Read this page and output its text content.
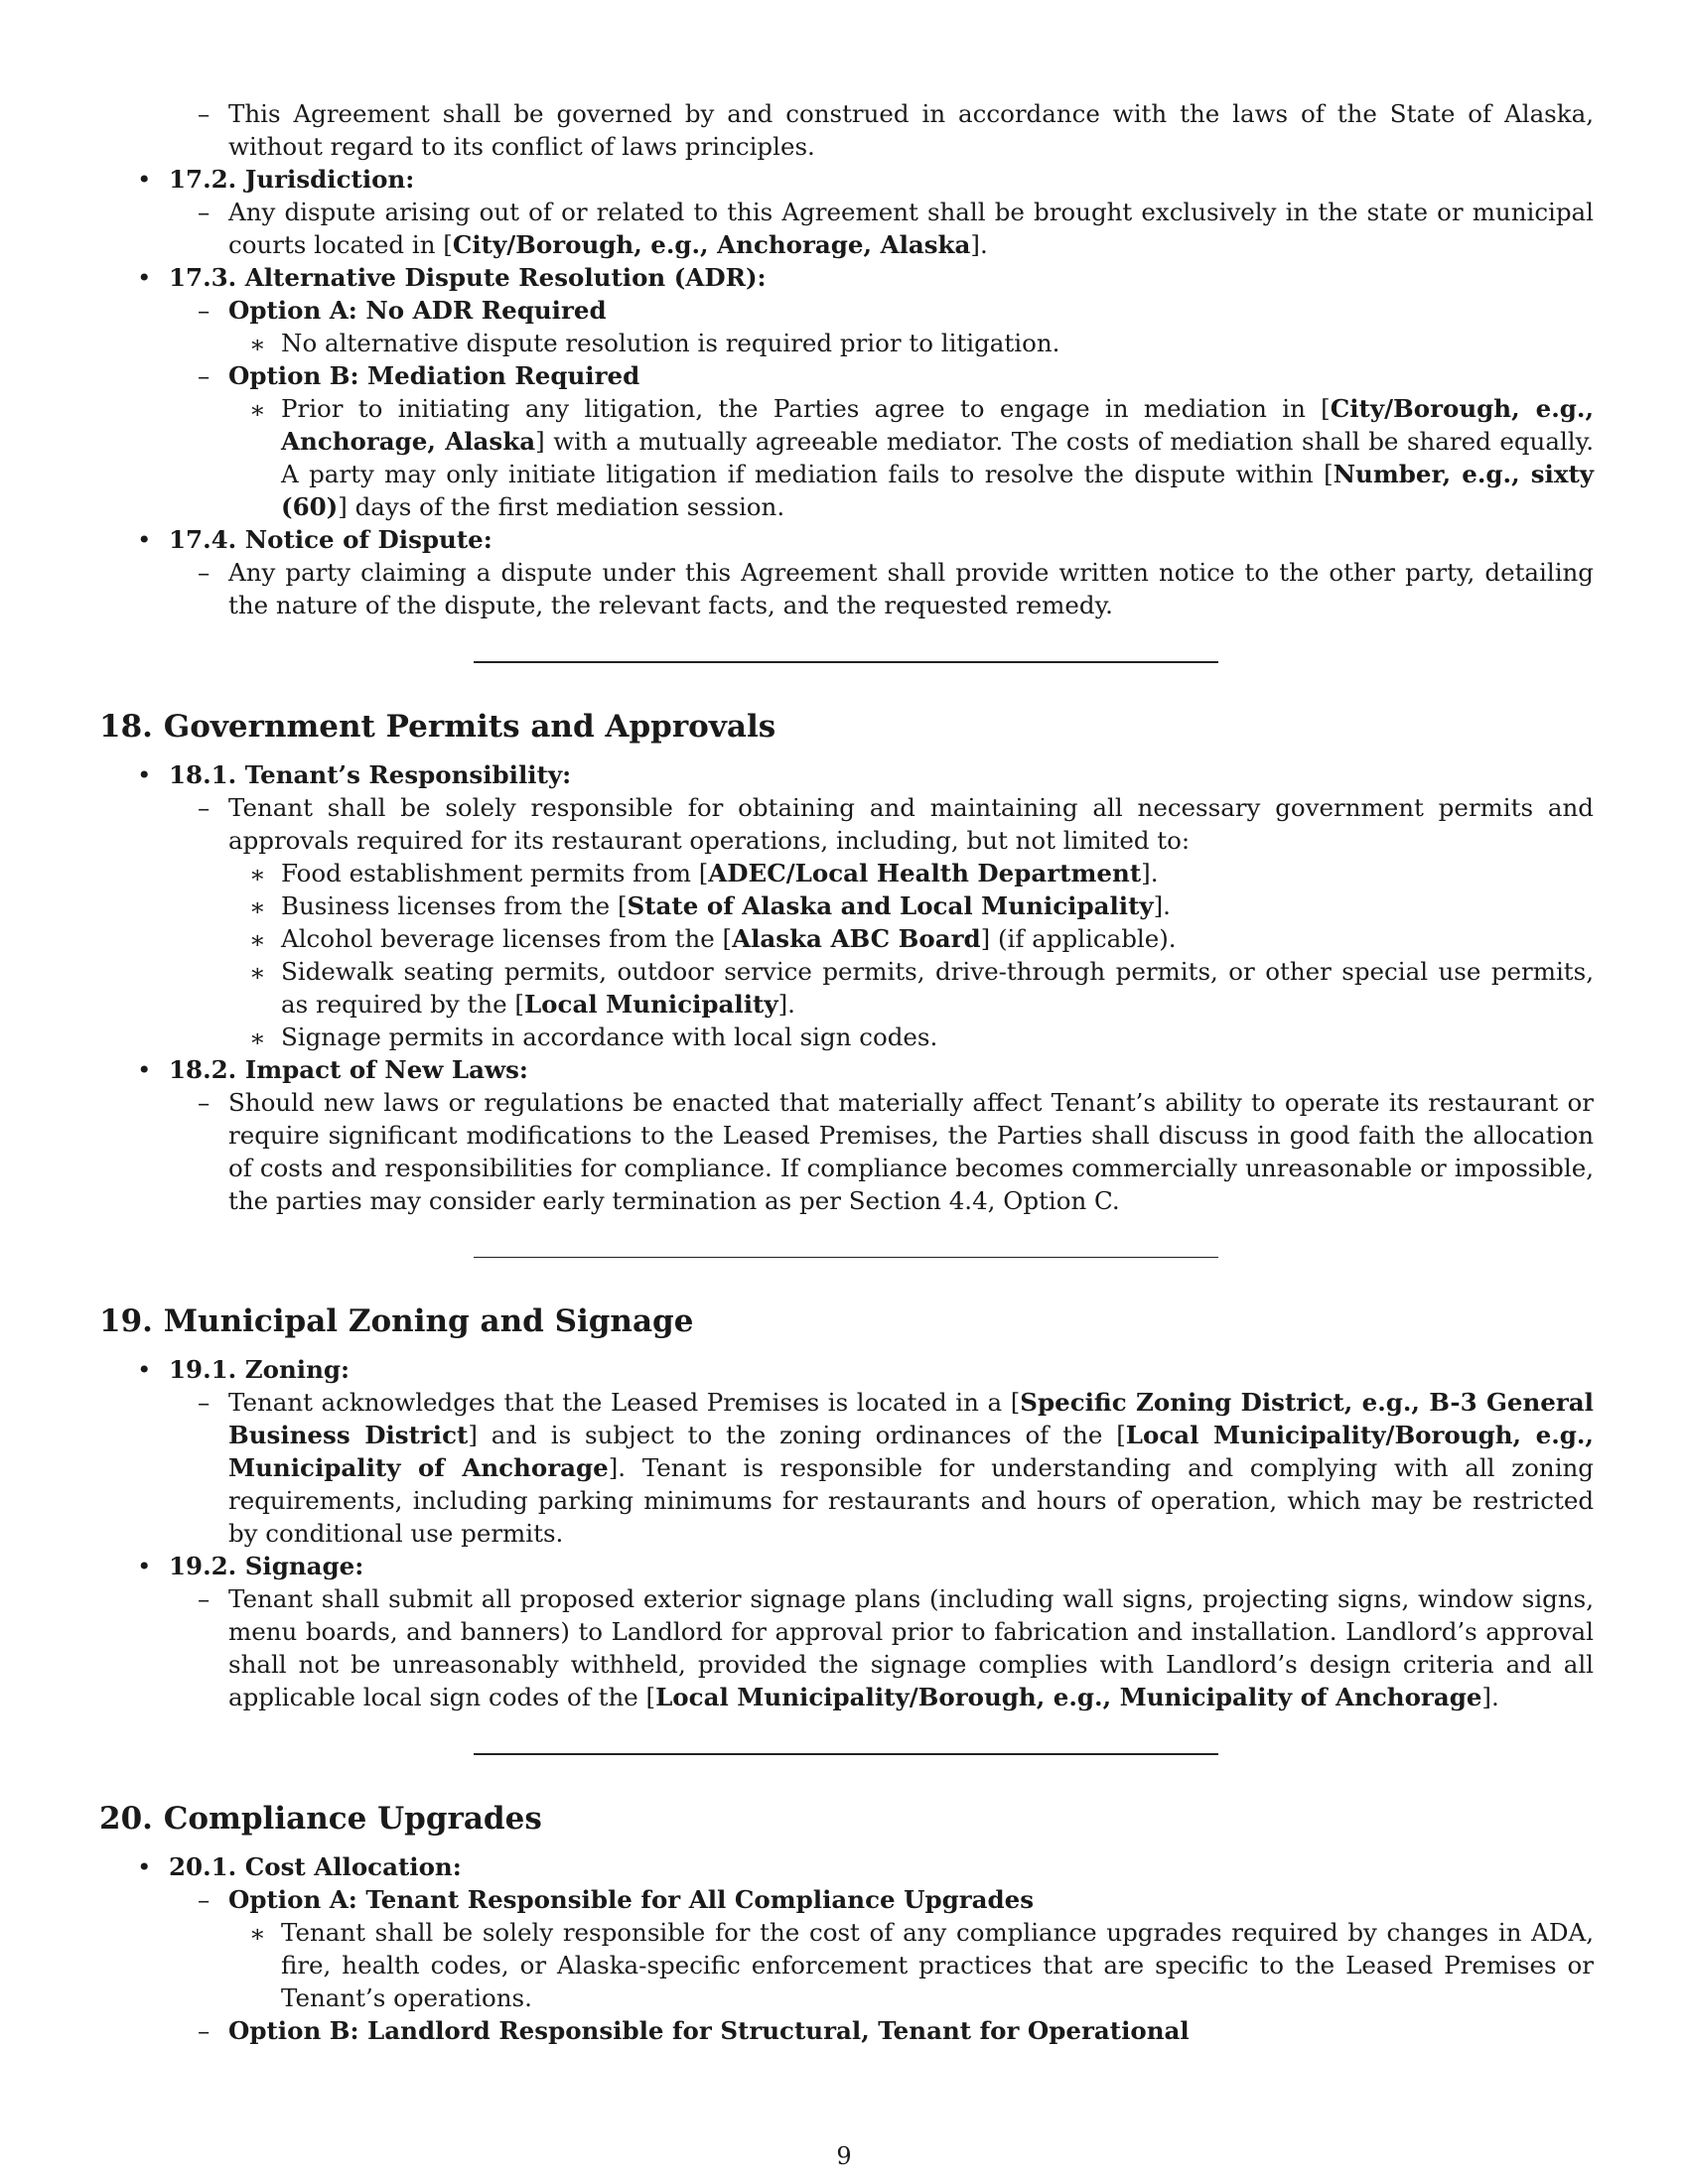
– This Agreement shall be governed by and construed in accordance with the laws of the State of Alaska, without regard to its conflict of laws principles.
• 17.2. Jurisdiction:
– Any dispute arising out of or related to this Agreement shall be brought exclusively in the state or municipal courts located in [City/Borough, e.g., Anchorage, Alaska].
• 17.3. Alternative Dispute Resolution (ADR):
– Option A: No ADR Required
∗ No alternative dispute resolution is required prior to litigation.
– Option B: Mediation Required
∗ Prior to initiating any litigation, the Parties agree to engage in mediation in [City/Borough, e.g., Anchorage, Alaska] with a mutually agreeable mediator. The costs of mediation shall be shared equally. A party may only initiate litigation if mediation fails to resolve the dispute within [Number, e.g., sixty (60)] days of the first mediation session.
• 17.4. Notice of Dispute:
– Any party claiming a dispute under this Agreement shall provide written notice to the other party, detailing the nature of the dispute, the relevant facts, and the requested remedy.
18. Government Permits and Approvals
• 18.1. Tenant’s Responsibility:
– Tenant shall be solely responsible for obtaining and maintaining all necessary government permits and approvals required for its restaurant operations, including, but not limited to:
∗ Food establishment permits from [ADEC/Local Health Department].
∗ Business licenses from the [State of Alaska and Local Municipality].
∗ Alcohol beverage licenses from the [Alaska ABC Board] (if applicable).
∗ Sidewalk seating permits, outdoor service permits, drive-through permits, or other special use permits, as required by the [Local Municipality].
∗ Signage permits in accordance with local sign codes.
• 18.2. Impact of New Laws:
– Should new laws or regulations be enacted that materially affect Tenant’s ability to operate its restaurant or require significant modifications to the Leased Premises, the Parties shall discuss in good faith the allocation of costs and responsibilities for compliance. If compliance becomes commercially unreasonable or impossible, the parties may consider early termination as per Section 4.4, Option C.
19. Municipal Zoning and Signage
• 19.1. Zoning:
– Tenant acknowledges that the Leased Premises is located in a [Specific Zoning District, e.g., B-3 General Business District] and is subject to the zoning ordinances of the [Local Municipality/Borough, e.g., Municipality of Anchorage]. Tenant is responsible for understanding and complying with all zoning requirements, including parking minimums for restaurants and hours of operation, which may be restricted by conditional use permits.
• 19.2. Signage:
– Tenant shall submit all proposed exterior signage plans (including wall signs, projecting signs, window signs, menu boards, and banners) to Landlord for approval prior to fabrication and installation. Landlord’s approval shall not be unreasonably withheld, provided the signage complies with Landlord’s design criteria and all applicable local sign codes of the [Local Municipality/Borough, e.g., Municipality of Anchorage].
20. Compliance Upgrades
• 20.1. Cost Allocation:
– Option A: Tenant Responsible for All Compliance Upgrades
∗ Tenant shall be solely responsible for the cost of any compliance upgrades required by changes in ADA, fire, health codes, or Alaska-specific enforcement practices that are specific to the Leased Premises or Tenant’s operations.
– Option B: Landlord Responsible for Structural, Tenant for Operational
9
